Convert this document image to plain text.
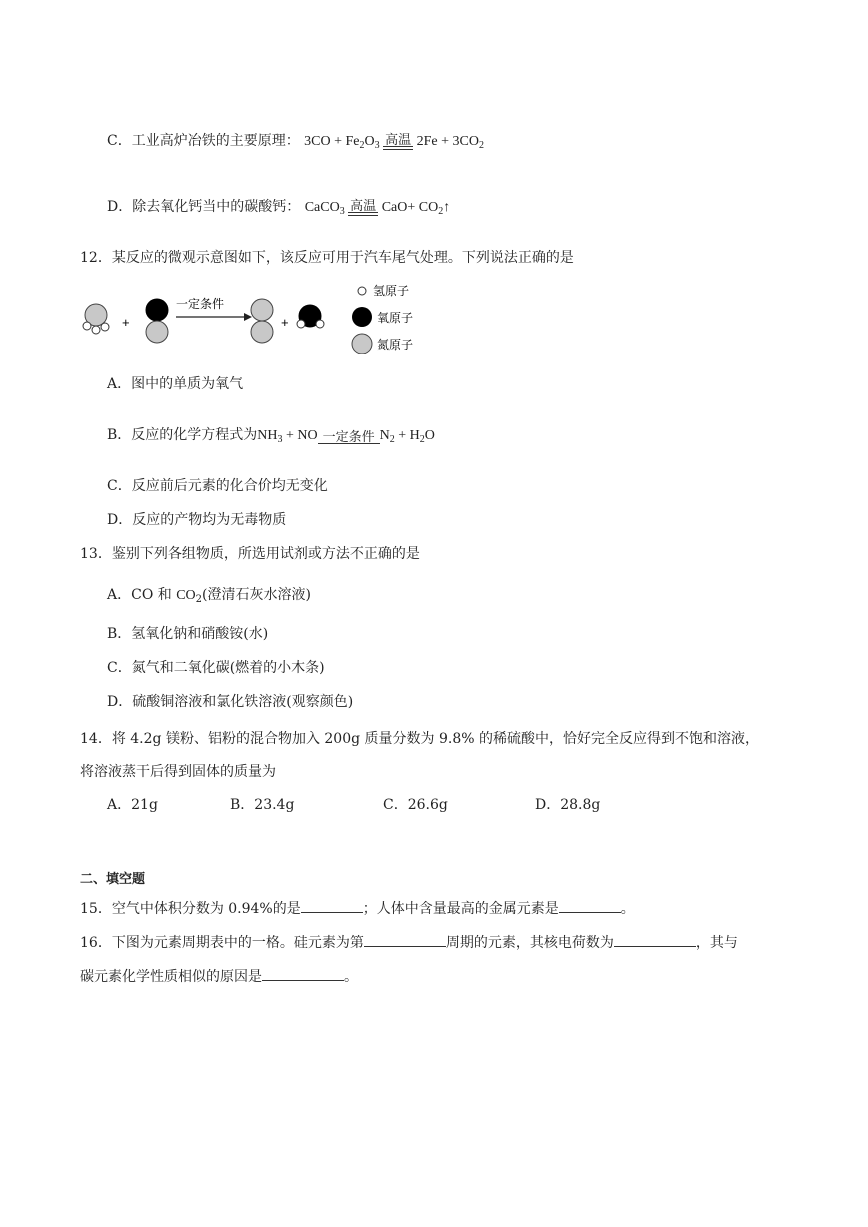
C．工业高炉冶铁的主要原理： $3CO + Fe_2O_3$ 高温 $2Fe + 3CO_2$
D．除去氧化钙当中的碳酸钙： CaCO$_3$ 高温 $CaO+ CO_2↑$
12．某反应的微观示意图如下，该反应可用于汽车尾气处理。下列说法正确的是
+
一定条件
+
氢原子
氧原子
氮原子
A．图中的单质为氧气
B．反应的化学方程式为$NH_3$ + NO 一定条件 $N_2 + H_2O$
C．反应前后元素的化合价均无变化
D．反应的产物均为无毒物质
13．鉴别下列各组物质，所选用试剂或方法不正确的是
A．CO 和 $CO_2$(澄清石灰水溶液)
B．氢氧化钠和硝酸铵(水)
C．氮气和二氧化碳(燃着的小木条)
D．硫酸铜溶液和氯化铁溶液(观察颜色)
14．将 4.2g 镁粉、铝粉的混合物加入 200g 质量分数为 9.8% 的稀硫酸中，恰好完全反应得到不饱和溶液，
将溶液蒸干后得到固体的质量为
A．21g	B．23.4g	C．26.6g	D．28.8g
二、填空题
15．空气中体积分数为 0.94%的是	；人体中含量最高的金属元素是	。
16．下图为元素周期表中的一格。硅元素为第	周期的元素，其核电荷数为	，其与
碳元素化学性质相似的原因是	。
